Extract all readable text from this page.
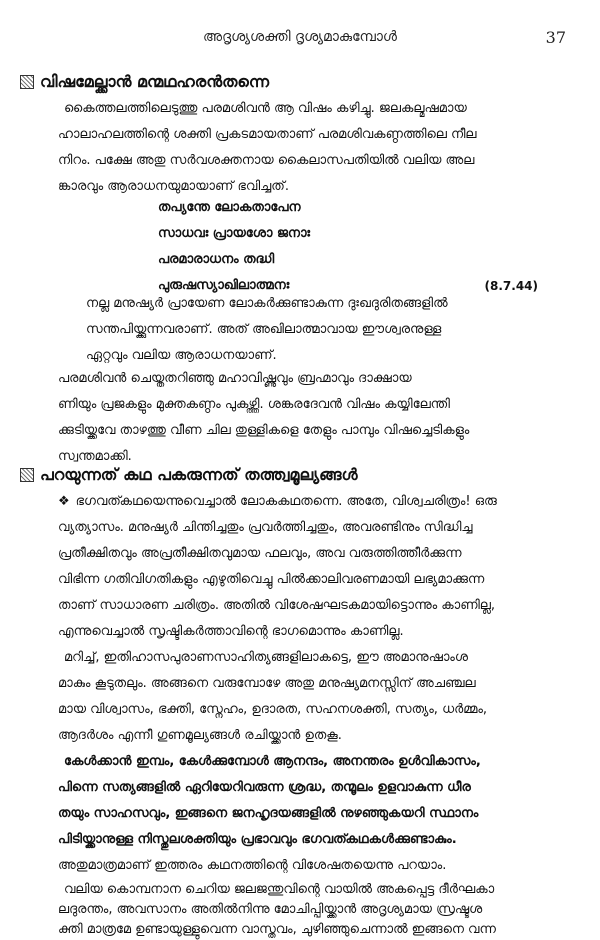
അദൃശ്യശക്തി ദൃശ്യമാകുമ്പോൾ	37
വിഷമേല്ക്കാൻ മന്മഥഹരൻതന്നെ
കൈത്തലത്തിലെടുത്തു പരമശിവൻ ആ വിഷം കഴിച്ചു. ജലകല്മഷമായ
ഹാലാഹലത്തിന്റെ ശക്തി പ്രകടമായതാണ് പരമശിവകണ്ഠത്തിലെ നീല
നിറം. പക്ഷേ അതു സർവശക്തനായ കൈലാസപതിയിൽ വലിയ അല
ങ്കാരവും ആരാധനയുമായാണ് ഭവിച്ചത്.
തപ്യന്തേ ലോകതാപേന
സാധവഃ പ്രായശോ ജനാഃ
പരമാരാധനം തദ്ധി
പുരുഷസ്യാഖിലാത്മനഃ	(8.7.44)
നല്ല മനുഷ്യർ പ്രായേണ ലോകർക്കുണ്ടാകുന്ന ദുഃഖദുരിതങ്ങളിൽ
സന്തപിയ്ക്കുന്നവരാണ്. അത് അഖിലാത്മാവായ ഈശ്വരനുള്ള
ഏറ്റവും വലിയ ആരാധനയാണ്.
പരമശിവൻ ചെയ്തതറിഞ്ഞു മഹാവിഷ്ണുവും ബ്രഹ്മാവും ദാക്ഷായ
ണിയും പ്രജകളും മുക്തകണ്ഠം പുകഴ്ത്തി. ശങ്കരദേവൻ വിഷം കയ്യിലേന്തി
ക്കുടിയ്ക്കവേ താഴത്തു വീണ ചില തുള്ളികളെ തേളും പാമ്പും വിഷച്ചെടികളും
സ്വന്തമാക്കി.
പറയുന്നത് കഥ പകരുന്നത് തത്ത്വമൂല്യങ്ങൾ
❖ ഭഗവത്കഥയെന്നുവെച്ചാൽ ലോകകഥതന്നെ. അതേ, വിശ്വചരിത്രം! ഒരു
വ്യത്യാസം. മനുഷ്യർ ചിന്തിച്ചതും പ്രവർത്തിച്ചതും, അവരണ്ടിനും സിദ്ധിച്ച
പ്രതീക്ഷിതവും അപ്രതീക്ഷിതവുമായ ഫലവും, അവ വരുത്തിത്തീർക്കുന്ന
വിഭിന്ന ഗതിവിഗതികളും എഴുതിവെച്ചു പിൽക്കാലിവരണമായി ലഭ്യമാക്കുന്ന
താണ് സാധാരണ ചരിത്രം. അതിൽ വിശേഷഘടകമായിട്ടൊന്നും കാണില്ല,
എന്നുവെച്ചാൽ സൃഷ്ടികർത്താവിന്റെ ഭാഗമൊന്നും കാണില്ല.
മറിച്ച്, ഇതിഹാസപുരാണസാഹിത്യങ്ങളിലാകട്ടെ, ഈ അമാനുഷാംശ
മാകും കൂടുതലും. അങ്ങനെ വരുമ്പോഴേ അതു മനുഷ്യമനസ്സിന് അചഞ്ചല
മായ വിശ്വാസം, ഭക്തി, സ്നേഹം, ഉദാരത, സഹനശക്തി, സത്യം, ധർമ്മം,
ആദർശം എന്നീ ഗുണമൂല്യങ്ങൾ രചിയ്ക്കാൻ ഉതകൂ.
കേൾക്കാൻ ഇമ്പം, കേൾക്കുമ്പോൾ ആനന്ദം, അനന്തരം ഉൾവികാസം,
പിന്നെ സത്യങ്ങളിൽ ഏറിയേറിവരുന്ന ശ്രദ്ധ, തന്മൂലം ഉളവാകുന്ന ധീര
തയും സാഹസവും, ഇങ്ങനെ ജനഹൃദയങ്ങളിൽ നുഴഞ്ഞുകയറി സ്ഥാനം
പിടിയ്ക്കാനുള്ള നിസ്തുലശക്തിയും പ്രഭാവവും ഭഗവത്കഥകൾക്കുണ്ടാകും.
അതുമാത്രമാണ് ഇത്തരം കഥനത്തിന്റെ വിശേഷതയെന്നു പറയാം.
വലിയ കൊമ്പനാന ചെറിയ ജലജന്തുവിന്റെ വായിൽ അകപ്പെട്ട ദീർഘകാ
ലദുരന്തം, അവസാനം അതിൽനിന്നു മോചിപ്പിയ്ക്കാൻ അദൃശ്യമായ സ്രഷ്ടൃശ
ക്തി മാത്രമേ ഉണ്ടായുള്ളുവെന്ന വാസ്തവം, ചുഴിഞ്ഞുചെന്നാൽ ഇങ്ങനെ വന്ന
